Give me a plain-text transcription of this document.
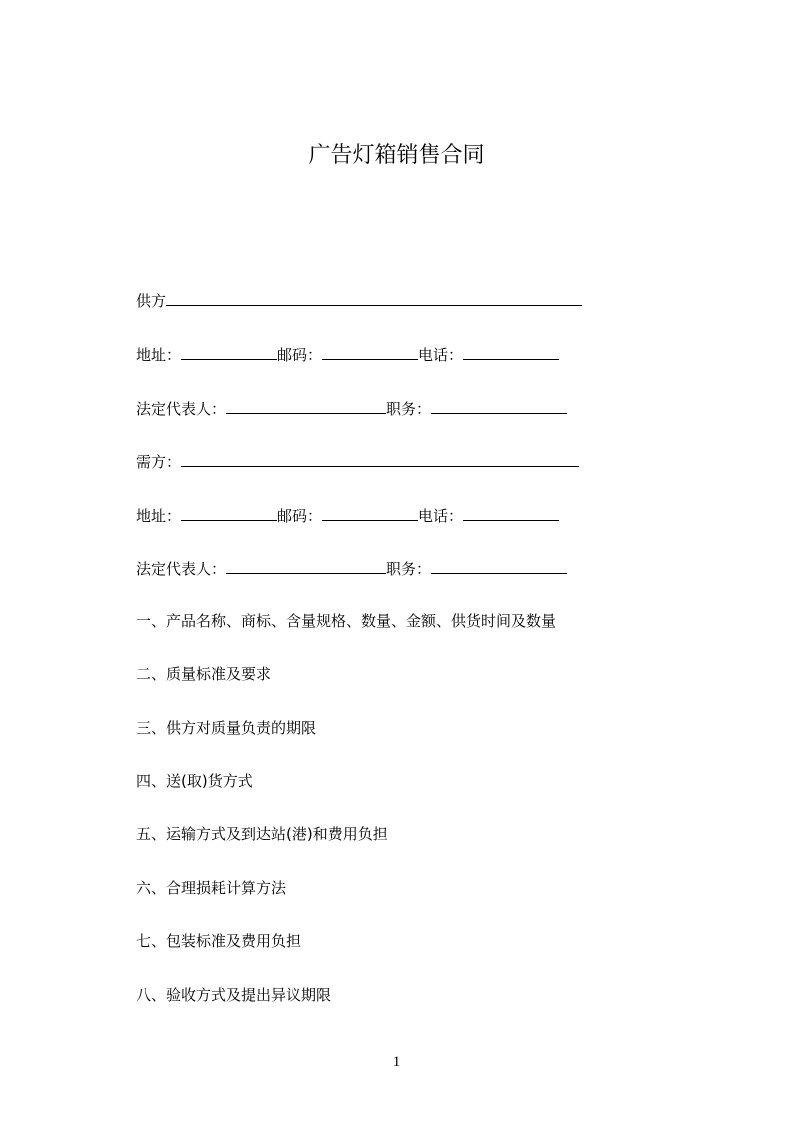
广告灯箱销售合同
供方
地址：	邮码：	电话：
法定代表人：	职务：
需方：
地址：	邮码：	电话：
法定代表人：	职务：
一、产品名称、商标、含量规格、数量、金额、供货时间及数量
二、质量标准及要求
三、供方对质量负责的期限
四、送(取)货方式
五、运输方式及到达站(港)和费用负担
六、合理损耗计算方法
七、包装标准及费用负担
八、验收方式及提出异议期限
1
